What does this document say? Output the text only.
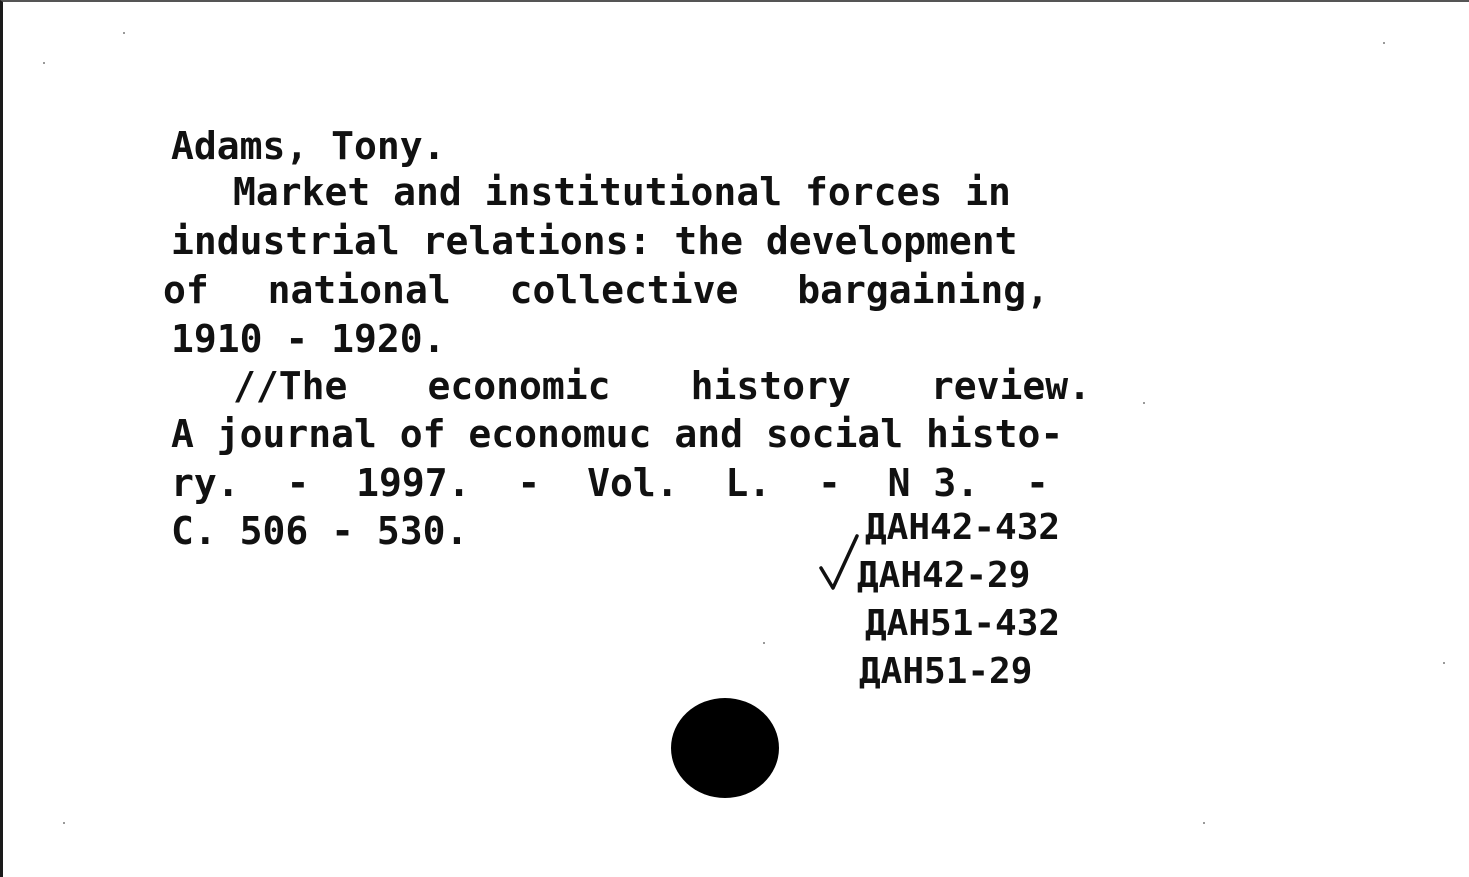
Adams, Tony.

Market and institutional forces in

industrial relations: the development

of national collective bargaining,

1910 - 1920.

//The economic history review.

A journal of economuc and social histo-

ry. - 1997. - Vol. L. - N 3. -

C. 506 - 530.	ДАН42-432

ДАН42-29

ДАН51-432

ДАН51-29
